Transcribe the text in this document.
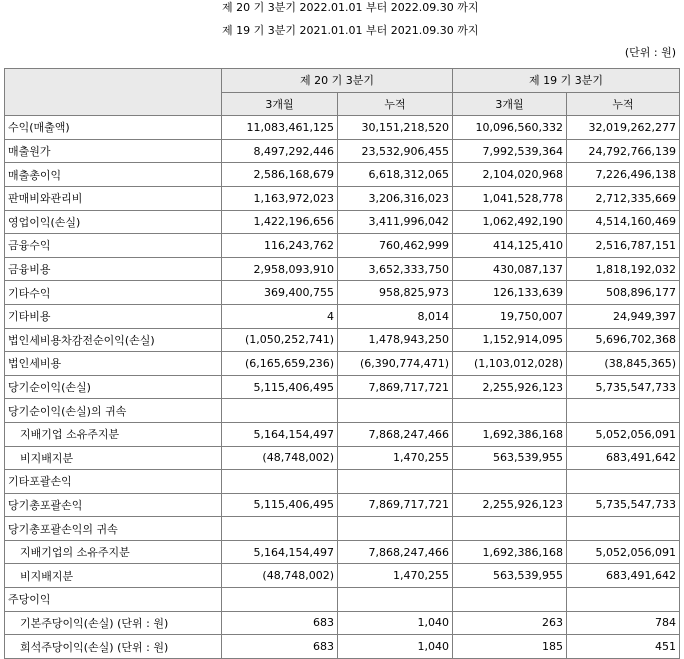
제 20 기 3분기 2022.01.01 부터 2022.09.30 까지
제 19 기 3분기 2021.01.01 부터 2021.09.30 까지
(단위 : 원)
	제 20 기 3분기		제 19 기 3분기	
	3개월	누적	3개월	누적
수익(매출액)	11,083,461,125	30,151,218,520	10,096,560,332	32,019,262,277
매출원가	8,497,292,446	23,532,906,455	7,992,539,364	24,792,766,139
매출총이익	2,586,168,679	6,618,312,065	2,104,020,968	7,226,496,138
판매비와관리비	1,163,972,023	3,206,316,023	1,041,528,778	2,712,335,669
영업이익(손실)	1,422,196,656	3,411,996,042	1,062,492,190	4,514,160,469
금융수익	116,243,762	760,462,999	414,125,410	2,516,787,151
금융비용	2,958,093,910	3,652,333,750	430,087,137	1,818,192,032
기타수익	369,400,755	958,825,973	126,133,639	508,896,177
기타비용	4	8,014	19,750,007	24,949,397
법인세비용차감전순이익(손실)	(1,050,252,741)	1,478,943,250	1,152,914,095	5,696,702,368
법인세비용	(6,165,659,236)	(6,390,774,471)	(1,103,012,028)	(38,845,365)
당기순이익(손실)	5,115,406,495	7,869,717,721	2,255,926,123	5,735,547,733
당기순이익(손실)의 귀속				
지배기업 소유주지분	5,164,154,497	7,868,247,466	1,692,386,168	5,052,056,091
비지배지분	(48,748,002)	1,470,255	563,539,955	683,491,642
기타포괄손익				
당기총포괄손익	5,115,406,495	7,869,717,721	2,255,926,123	5,735,547,733
당기총포괄손익의 귀속				
지배기업의 소유주지분	5,164,154,497	7,868,247,466	1,692,386,168	5,052,056,091
비지배지분	(48,748,002)	1,470,255	563,539,955	683,491,642
주당이익				
기본주당이익(손실) (단위 : 원)	683	1,040	263	784
희석주당이익(손실) (단위 : 원)	683	1,040	185	451
